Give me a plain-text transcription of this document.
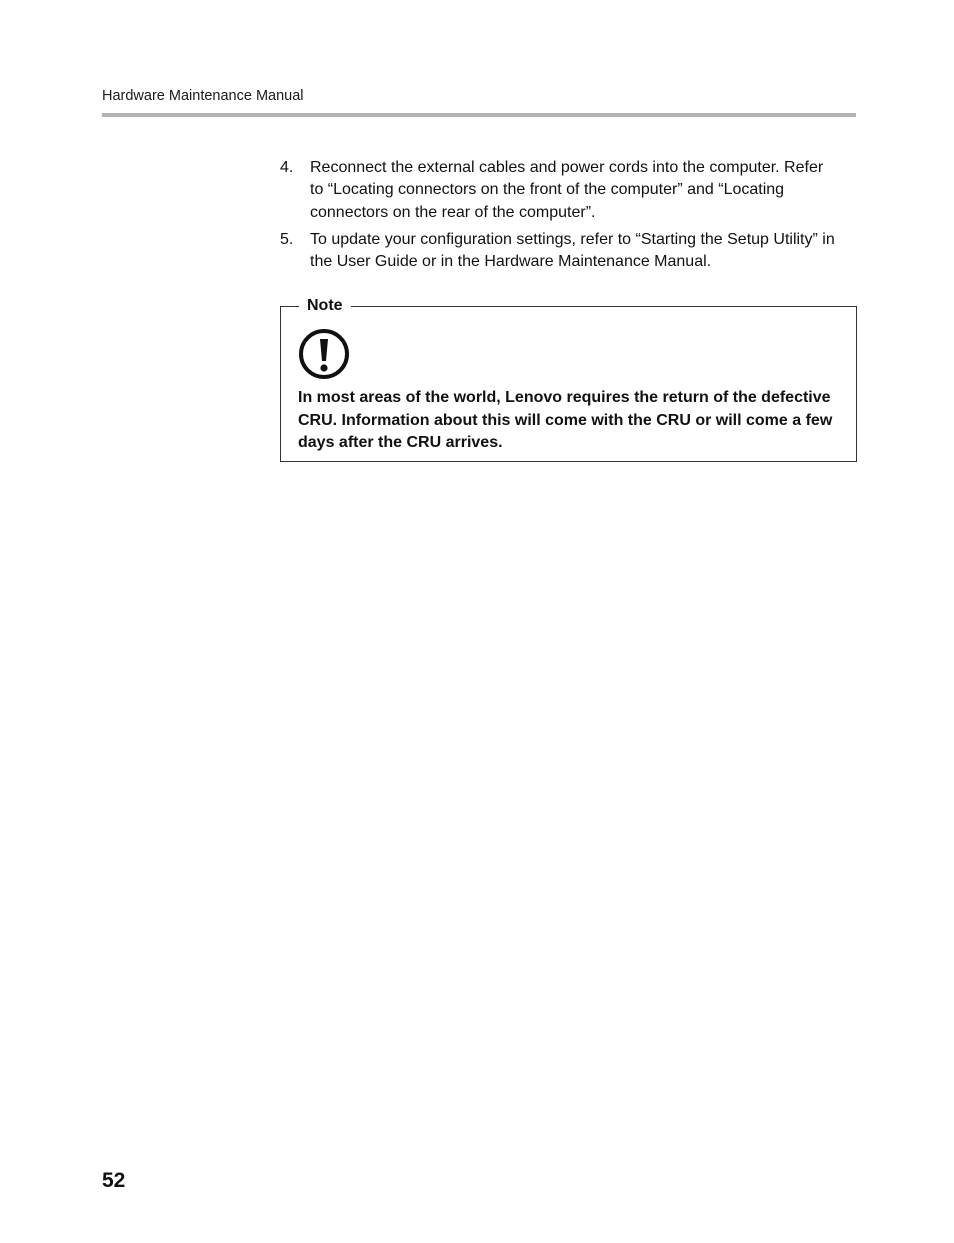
Hardware Maintenance Manual
4. Reconnect the external cables and power cords into the computer. Refer to “Locating connectors on the front of the computer” and “Locating connectors on the rear of the computer”.
5. To update your configuration settings, refer to “Starting the Setup Utility” in the User Guide or in the Hardware Maintenance Manual.
Note
In most areas of the world, Lenovo requires the return of the defective CRU. Information about this will come with the CRU or will come a few days after the CRU arrives.
52
